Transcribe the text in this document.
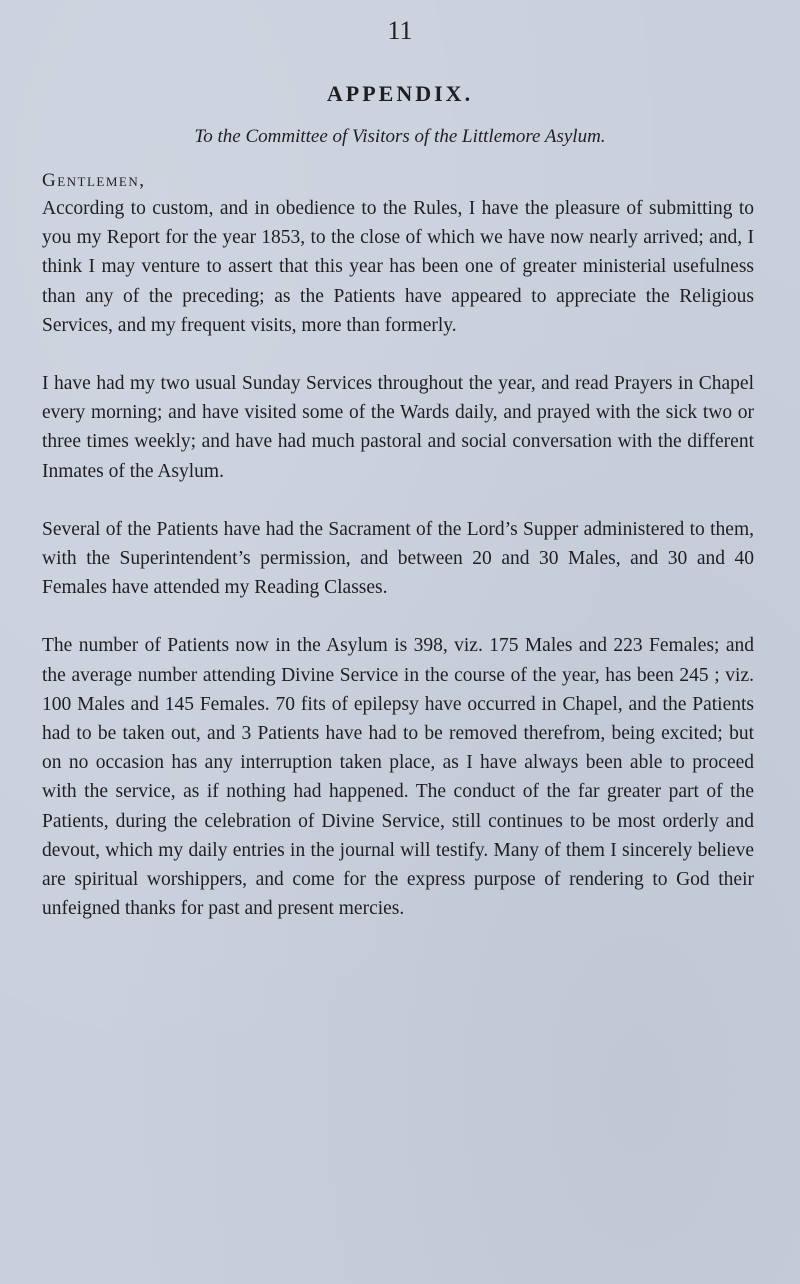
11
APPENDIX.
To the Committee of Visitors of the Littlemore Asylum.
Gentlemen,

According to custom, and in obedience to the Rules, I have the pleasure of submitting to you my Report for the year 1853, to the close of which we have now nearly arrived; and, I think I may venture to assert that this year has been one of greater ministerial usefulness than any of the preceding; as the Patients have appeared to appreciate the Religious Services, and my frequent visits, more than formerly.

I have had my two usual Sunday Services throughout the year, and read Prayers in Chapel every morning; and have visited some of the Wards daily, and prayed with the sick two or three times weekly; and have had much pastoral and social conversation with the different Inmates of the Asylum.

Several of the Patients have had the Sacrament of the Lord’s Supper administered to them, with the Superintendent’s permission, and between 20 and 30 Males, and 30 and 40 Females have attended my Reading Classes.

The number of Patients now in the Asylum is 398, viz. 175 Males and 223 Females; and the average number attending Divine Service in the course of the year, has been 245 ; viz. 100 Males and 145 Females. 70 fits of epilepsy have occurred in Chapel, and the Patients had to be taken out, and 3 Patients have had to be removed therefrom, being excited; but on no occasion has any interruption taken place, as I have always been able to proceed with the service, as if nothing had happened. The conduct of the far greater part of the Patients, during the celebration of Divine Service, still continues to be most orderly and devout, which my daily entries in the journal will testify. Many of them I sincerely believe are spiritual worshippers, and come for the express purpose of rendering to God their unfeigned thanks for past and present mercies.
